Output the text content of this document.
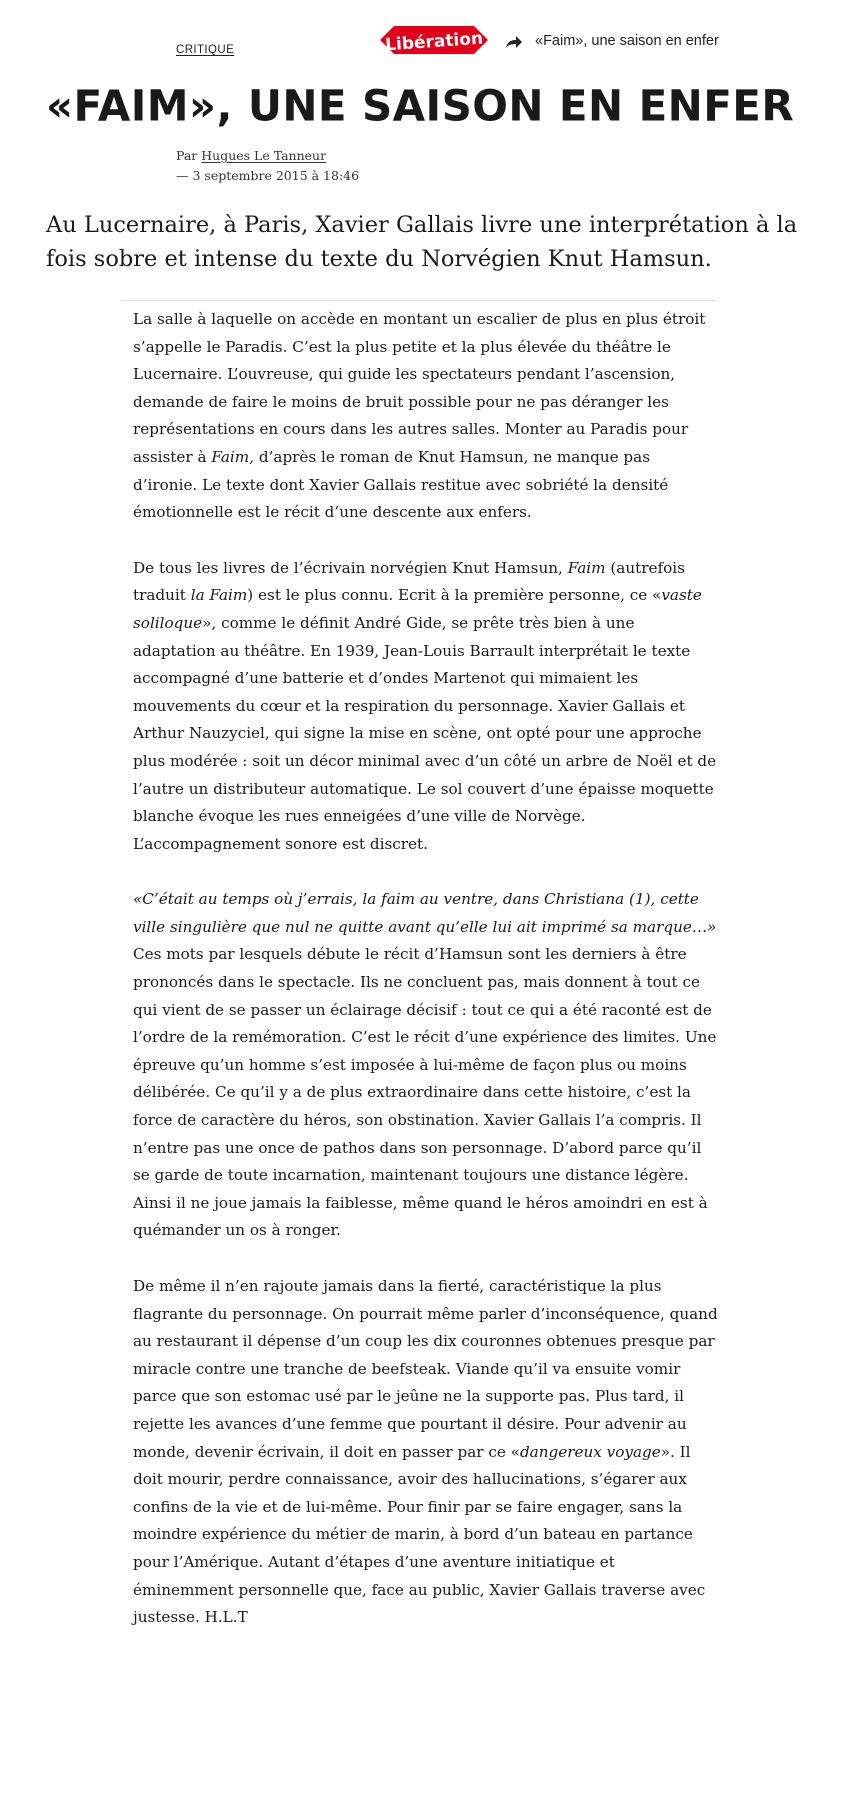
CRITIQUE	Libération	«Faim», une saison en enfer
«FAIM», UNE SAISON EN ENFER
Par Hugues Le Tanneur
— 3 septembre 2015 à 18:46

Au Lucernaire, à Paris, Xavier Gallais livre une interprétation à la fois sobre et intense du texte du Norvégien Knut Hamsun.

La salle à laquelle on accède en montant un escalier de plus en plus étroit s’appelle le Paradis. C’est la plus petite et la plus élevée du théâtre le Lucernaire. L’ouvreuse, qui guide les spectateurs pendant l’ascension, demande de faire le moins de bruit possible pour ne pas déranger les représentations en cours dans les autres salles. Monter au Paradis pour assister à Faim, d’après le roman de Knut Hamsun, ne manque pas d’ironie. Le texte dont Xavier Gallais restitue avec sobriété la densité émotionnelle est le récit d’une descente aux enfers.

De tous les livres de l’écrivain norvégien Knut Hamsun, Faim (autrefois traduit la Faim) est le plus connu. Ecrit à la première personne, ce «vaste soliloque», comme le définit André Gide, se prête très bien à une adaptation au théâtre. En 1939, Jean-Louis Barrault interprétait le texte accompagné d’une batterie et d’ondes Martenot qui mimaient les mouvements du cœur et la respiration du personnage. Xavier Gallais et Arthur Nauzyciel, qui signe la mise en scène, ont opté pour une approche plus modérée : soit un décor minimal avec d’un côté un arbre de Noël et de l’autre un distributeur automatique. Le sol couvert d’une épaisse moquette blanche évoque les rues enneigées d’une ville de Norvège. L’accompagnement sonore est discret.

«C’était au temps où j’errais, la faim au ventre, dans Christiana (1), cette ville singulière que nul ne quitte avant qu’elle lui ait imprimé sa marque…» Ces mots par lesquels débute le récit d’Hamsun sont les derniers à être prononcés dans le spectacle. Ils ne concluent pas, mais donnent à tout ce qui vient de se passer un éclairage décisif : tout ce qui a été raconté est de l’ordre de la remémoration. C’est le récit d’une expérience des limites. Une épreuve qu’un homme s’est imposée à lui-même de façon plus ou moins délibérée. Ce qu’il y a de plus extraordinaire dans cette histoire, c’est la force de caractère du héros, son obstination. Xavier Gallais l’a compris. Il n’entre pas une once de pathos dans son personnage. D’abord parce qu’il se garde de toute incarnation, maintenant toujours une distance légère. Ainsi il ne joue jamais la faiblesse, même quand le héros amoindri en est à quémander un os à ronger.

De même il n’en rajoute jamais dans la fierté, caractéristique la plus flagrante du personnage. On pourrait même parler d’inconséquence, quand au restaurant il dépense d’un coup les dix couronnes obtenues presque par miracle contre une tranche de beefsteak. Viande qu’il va ensuite vomir parce que son estomac usé par le jeûne ne la supporte pas. Plus tard, il rejette les avances d’une femme que pourtant il désire. Pour advenir au monde, devenir écrivain, il doit en passer par ce «dangereux voyage». Il doit mourir, perdre connaissance, avoir des hallucinations, s’égarer aux confins de la vie et de lui-même. Pour finir par se faire engager, sans la moindre expérience du métier de marin, à bord d’un bateau en partance pour l’Amérique. Autant d’étapes d’une aventure initiatique et éminemment personnelle que, face au public, Xavier Gallais traverse avec justesse. H.L.T
